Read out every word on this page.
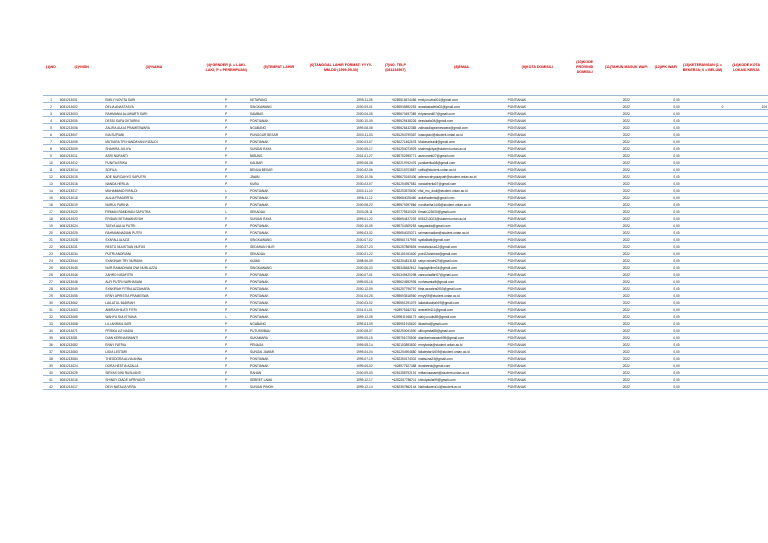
(1)NO	(2)*NISN	(3)*NAMA	(4)*GENDER (L = LAKI-LAKI; P = PEREMPUAN)	(5)TEMPAT LAHIR	(6)TANGGAL LAHIR FORMAT: YYYY-MM-DD (1999-09-30)	(7)NO. TELP (081234567)	(8)EMAIL	(9)KOTA DOMISILI	(10)KODE PROVINSI DOMISILI	(11)TAHUN MASUK WAFI	(12)IPK WAFI	(13)KETERANGAN (1 = BEKERJA; 0 = BELUM)	(14)KODE KOTA LOKASI KERJA
1	6051213001	EMILY NOVITA SARI	P	KETAPANG	1999-11-05	+6289516674456	emily.novita001@gmail.com	PONTIANAK		2022	0,00		
2	6051213002	DELIA ANASTASYA	P	SINGKAWANG	2000-09-01	+6289535892253	anastasiadelia02@gmail.com	PONTIANAK		2022	0,00	0	224
3	6051213003	RAHMANIA ALUWARTI SARI	P	SAMBAS	2000-04-05	+6289670497389	rhtyamardi07@gmail.com	PONTIANAK		2022	0,00		
4	6051213005	DESSI SAFA OKTARINI	P	PONTIANAK	2000-10-09	+6289529438226	dessisafa04@gmail.com	PONTIANAK		2022	0,00		
5	6051213006	ZALIRA AULIA PRAMESWARA	P	NGABANG	1999-08-08	+6289626432385	zaliraauliaprameswara@gmail.com	PONTIANAK		2022	0,00		
6	6051213007	INA SUPIANI	P	PUNGGUR BESAR	2000-11-03	+6281254799387	inasupiani@student.untan.ac.id	PONTIANAK		2022	0,00		
7	6051213008	MUTIARA TRI HANDAYANI RIZALDI	P	PONTIANAK	2000-03-07	+6282271462678	Mutiararizaldi@gmail.com	PONTIANAK		2022	0,00		
8	6051213009	SHAHIRA JULIYA	P	SUNGAI RAYA	2000-05-17	+6281254073929	shahirajuliya@student.untan.ac.id	PONTIANAK		2022	0,00		
9	6051213011	ASRI NURANTI	P	NIBUNG	2001-01-27	+6289752995771	asrinuranti27@gmail.com	PONTIANAK		2022	0,00		
10	6051213012	PUNITA ERIKA	P	KALBAR	1999-08-08	+6282219762476	punitaerika08@gmail.com	PONTIANAK		2022	0,00		
11	6051213014	SOFILA	P	BENUA BESAR	2000-02-06	+6282215703887	sofila@student.untan.ac.id	PONTIANAK		2022	0,00		
12	6051213015	ADE NURCAHYO SAPUTRI	P	JAWAI	2000-10-06	+6289670240406	adenurcahyosaputri@student.untan.ac.id	PONTIANAK		2022	0,00		
13	6051213016	NANDA HERLIA	P	KUBU	2000-03-07	+6281254957581	nandaherlia07@gmail.com	PONTIANAK		2022	0,00		
14	6051213017	MUHAMMAD RIFALDI	L	PONTIANAK	2000-11-10	+6282253575600	rifal_mo_dodi@student.untan.ac.id	PONTIANAK		2022	0,00		
15	6051213018	AULIA FRADERITA	P	PONTIANAK	1998-11-12	+6289684028480	auliafraderita@gmail.com	PONTIANAK		2022	0,00		
16	6051213019	NURUL FARIHA	P	PONTIANAK	2000-08-22	+6289570397866	nurulfariha1449@student.untan.ac.id	PONTIANAK		2022	0,00		
17	6051213020	FIRMAN RAMDHAN SAPUTRA	L	SEKADAU	2000-05-11	+6287779510025	firman123000@gmail.com	PONTIANAK		2022	0,00		
18	6051213023	ERIDAN SETIAWANSYAH	P	SUNGAI RAYA	1999-01-22	+6289654427292	6051213023@student.untan.ac.id	PONTIANAK		2022	0,00		
19	6051213024	TASYA AULIA PUTRI	P	PONTIANAK	2000-10-09	+6289704309253	tasyaaulia@gmail.com	PONTIANAK		2022	0,00		
20	6051213025	RAHMANNADIAN PUTRI	P	PONTIANAK	1999-03-02	+6289654025371	rahmannadian@student.untan.ac.id	PONTIANAK		2022	0,00		
21	6051213028	SYAFALLIA AZIZ	P	SINGKAWANG	2000-07-02	+6289561747993	syafalliabi@gmail.com	PONTIANAK		2022	0,00		
22	6051213031	RESTU NUUSTIAN NUFUS	P	SEDAHAN HILIR	2000-07-23	+6281257869894	restutianusa12@gmail.com	PONTIANAK		2022	0,00		
23	6051213034	PUTRI ANDRIANI	P	SEKADAU	2000-01-22	+6282151941600	putri22andriani@gmail.com	PONTIANAK		2022	0,00		
24	6051213044	SYAKINAH TRY NURAINI	P	KUMAI	1998-06-09	+6282254813183	sstyn.nuraini29@gmail.com	PONTIANAK		2022	0,00		
25	6051213045	NUR RAMADHANI DWI NURLAZZA	P	SINGKAWANG	2000-06-03	+6285348482612	lhaplaybillnn04@gmail.com	PONTIANAK		2022	0,00		
26	6051213046	ZAHRO NISAFITRI	P	PONTIANAK	2000-07-01	+6281349420298	zahronisafitri07@gmail.com	PONTIANAK		2022	0,00		
27	6051213048	ALFI PUTRI NURHASANI	P	PONTIANAK	1999-05-16	+6289624592995	nurhasanialfi@gmail.com	PONTIANAK		2022	0,00		
28	6051213049	SYAKIRAH FITRIA AZZAHARA	P	PONTIANAK	2000-12-09	+6281257796797	fitria.azzahra0950@gmail.com	PONTIANAK		2022	0,00		
29	6051213055	ERNY APRISTIA PRAMESWA	P	PONTIANAK	2001-04-25	+6289693518950	ernyy99@student.untan.ac.id	PONTIANAK		2022	0,00		
30	6051213062	LAILATUL BADRIAH	P	PONTIANAK	2000-03-02	+6289591291079	lailatulbadriah09@gmail.com	PONTIANAK		2022	0,00		
31	6051213063	AMIRA KHILATI FITRI	P	PONTIANAK	2001-01-01	+628975182761	amirafitri111@gmail.com	PONTIANAK		2022	0,00		
32	6051213065	WAHYU SULISTIANA	L	PONTIANAK	1999-12-05	+6289511948173	wahyu.sulis89@gmail.com	PONTIANAK		2022	0,00		
33	6051213068	LILI ANRIKA SARI	P	NGABANG	1999-03-09	+6289951915620	liliasriba@gmail.com	PONTIANAK		2022	0,00		
34	6051213071	PRISKA LIZ NADIA	P	PUTUSSIBAU	2000-08-07	+6282250041590	slibupriska88@gmail.com	PONTIANAK		2022	0,00		
35	6051213081	DIAN KERINASWANTI	P	SUKAMARA	1999-05-15	+6289751075506	dianikerinaswanti99@gmail.com	PONTIANAK		2022	0,00		
36	6051213082	ENNY FATRIA	P	PENAGA	1999-08-14	+6282153893830	ennyfatria@student.untan.ac.id	PONTIANAK		2022	0,00		
37	6051213083	LIDIA LESTARI	P	SUNGAI JAWAR	1999-04-04	+6281254904880	lidialestari1609@student.untan.ac.id	PONTIANAK		2022	0,00		
38	6051213084	THEODORA ALVIA ANNA	P	PONTIANAK	1999-07-19	+6282350174302	mattsuna23@gmail.com	PONTIANAK		2022	0,00		
39	6051213024	DORA HESTIA AZALIA	P	PONTIANAK	1999-05-02	+628977527488	doraheest@gmail.com	PONTIANAK		2022	0,00		
40	6051213025	SIRYAS DWI RUSLIANTI	P	RAHAN	2000-09-03	+6281358792191	miftanusasanti@student.untan.ac.id	PONTIANAK		2022	0,00		
41	6051213016	SHINDY DIADE APRIYANTI	P	SEBRET LAMA	1999-12-17	+6282257786711	shindyaulia99@gmail.com	PONTIANAK		2022	0,00		
42	6051213017	DEVI NATALIA VERA	P	SUNGAI PINOH	1999-12-14	+6282357862144	Nathaliavera14@student.ac.id	PONTIANAK		2022	0,00		
